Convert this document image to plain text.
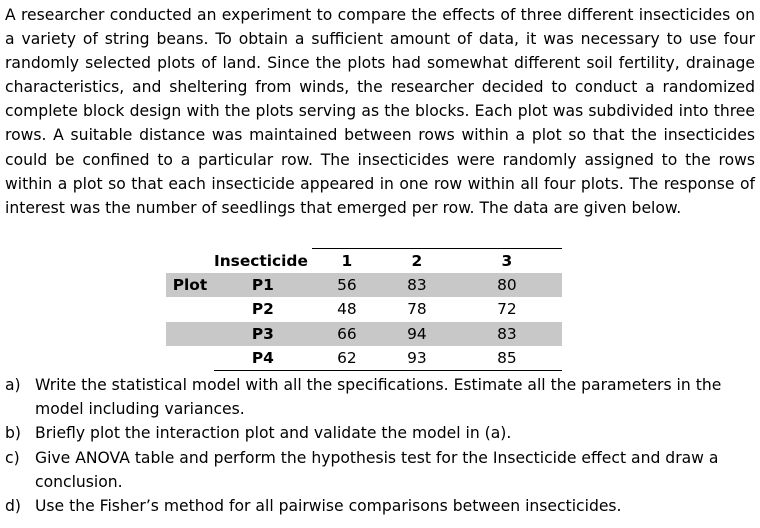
A researcher conducted an experiment to compare the effects of three different insecticides on a variety of string beans. To obtain a sufficient amount of data, it was necessary to use four randomly selected plots of land. Since the plots had somewhat different soil fertility, drainage characteristics, and sheltering from winds, the researcher decided to conduct a randomized complete block design with the plots serving as the blocks. Each plot was subdivided into three rows. A suitable distance was maintained between rows within a plot so that the insecticides could be confined to a particular row. The insecticides were randomly assigned to the rows within a plot so that each insecticide appeared in one row within all four plots. The response of interest was the number of seedlings that emerged per row. The data are given below.

	Insecticide	1	2	3
Plot	P1	56	83	80
	P2	48	78	72
	P3	66	94	83
	P4	62	93	85
a) Write the statistical model with all the specifications. Estimate all the parameters in the model including variances.
b) Briefly plot the interaction plot and validate the model in (a).
c) Give ANOVA table and perform the hypothesis test for the Insecticide effect and draw a conclusion.
d) Use the Fisher’s method for all pairwise comparisons between insecticides.
